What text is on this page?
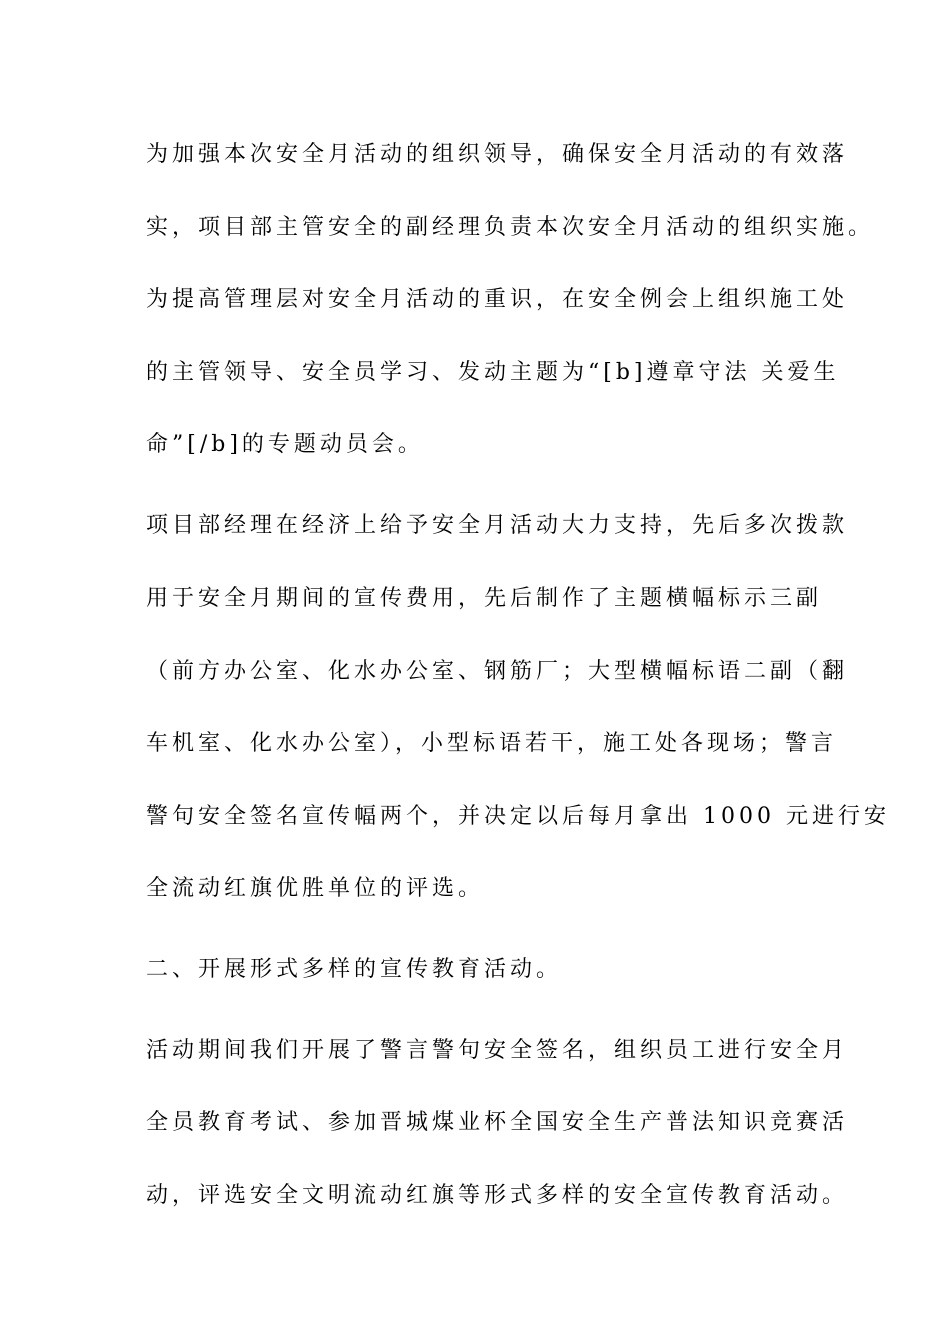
为加强本次安全月活动的组织领导，确保安全月活动的有效落

实，项目部主管安全的副经理负责本次安全月活动的组织实施。

为提高管理层对安全月活动的重识，在安全例会上组织施工处

的主管领导、安全员学习、发动主题为“[b]遵章守法 关爱生

命”[/b]的专题动员会。

项目部经理在经济上给予安全月活动大力支持，先后多次拨款

用于安全月期间的宣传费用，先后制作了主题横幅标示三副

（前方办公室、化水办公室、钢筋厂；大型横幅标语二副（翻

车机室、化水办公室），小型标语若干，施工处各现场；警言

警句安全签名宣传幅两个，并决定以后每月拿出 1000 元进行安

全流动红旗优胜单位的评选。

二、开展形式多样的宣传教育活动。

活动期间我们开展了警言警句安全签名，组织员工进行安全月

全员教育考试、参加晋城煤业杯全国安全生产普法知识竞赛活

动，评选安全文明流动红旗等形式多样的安全宣传教育活动。
